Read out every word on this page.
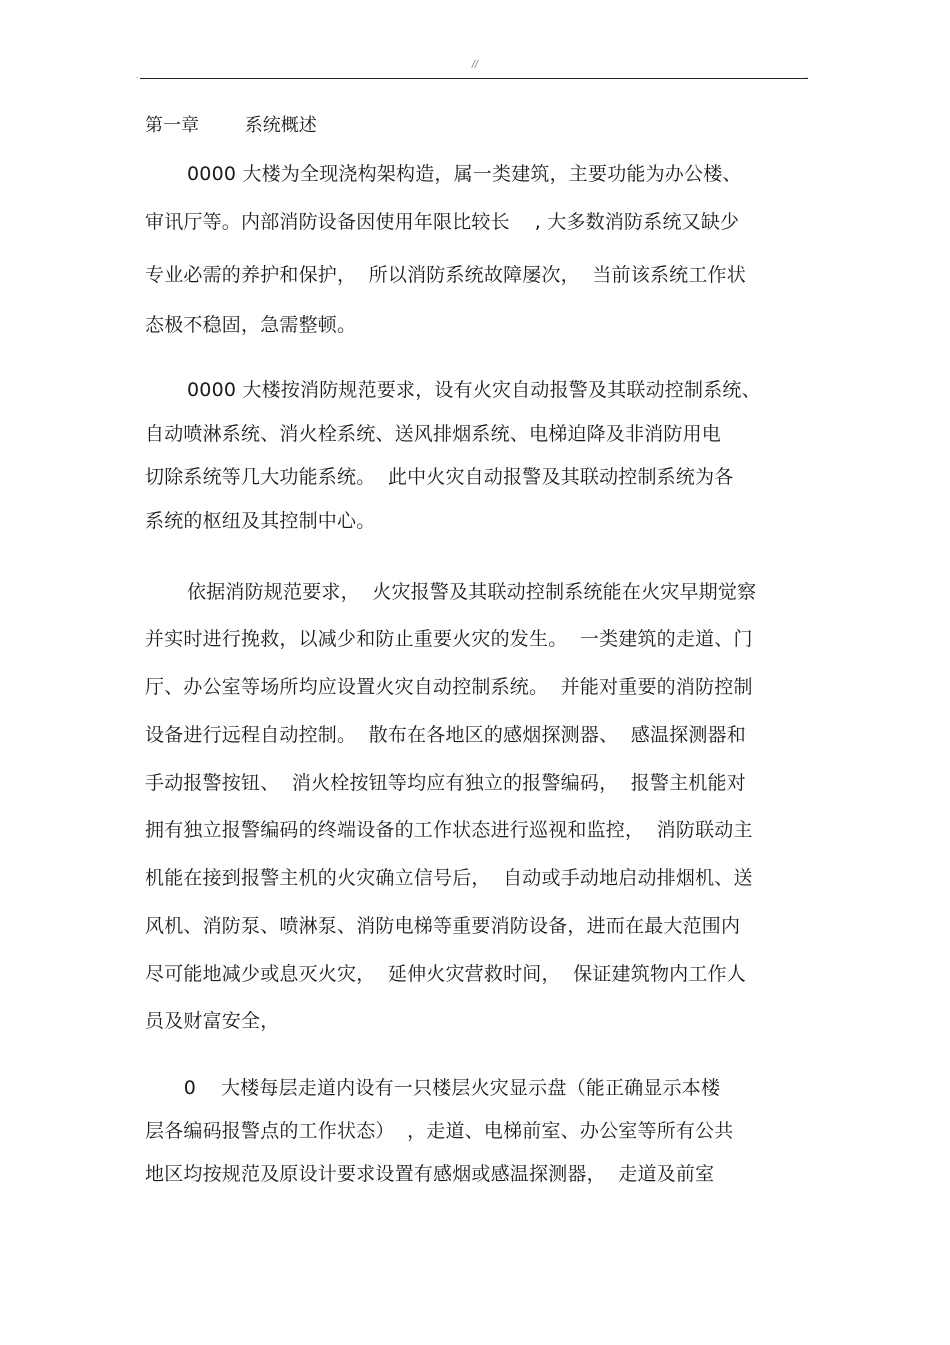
//
-	-
第一章        系统概述
0000 大楼为全现浇构架构造，属一类建筑，主要功能为办公楼、
审讯厅等。内部消防设备因使用年限比较长    , 大多数消防系统又缺少
专业必需的养护和保护，  所以消防系统故障屡次，  当前该系统工作状
态极不稳固，急需整顿。
0000 大楼按消防规范要求，设有火灾自动报警及其联动控制系统、
自动喷淋系统、消火栓系统、送风排烟系统、电梯迫降及非消防用电
切除系统等几大功能系统。  此中火灾自动报警及其联动控制系统为各
系统的枢纽及其控制中心。
依据消防规范要求，  火灾报警及其联动控制系统能在火灾早期觉察
并实时进行挽救，以减少和防止重要火灾的发生。  一类建筑的走道、门
厅、办公室等场所均应设置火灾自动控制系统。  并能对重要的消防控制
设备进行远程自动控制。  散布在各地区的感烟探测器、  感温探测器和
手动报警按钮、  消火栓按钮等均应有独立的报警编码，  报警主机能对
拥有独立报警编码的终端设备的工作状态进行巡视和监控，  消防联动主
机能在接到报警主机的火灾确立信号后，  自动或手动地启动排烟机、送
风机、消防泵、喷淋泵、消防电梯等重要消防设备，进而在最大范围内
尽可能地减少或息灭火灾，  延伸火灾营救时间，  保证建筑物内工作人
员及财富安全，
0    大楼每层走道内设有一只楼层火灾显示盘（能正确显示本楼
层各编码报警点的工作状态）  ，走道、电梯前室、办公室等所有公共
地区均按规范及原设计要求设置有感烟或感温探测器，  走道及前室
